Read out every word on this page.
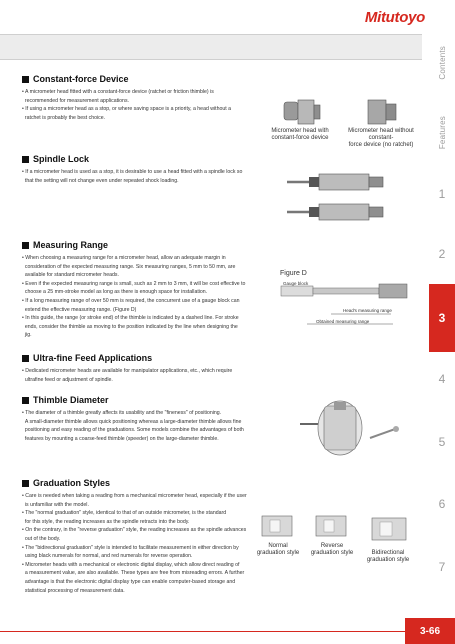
Mitutoyo
Contents
Features
1
2
3
4
5
6
7
Constant-force Device
• A micrometer head fitted with a constant-force device (ratchet or friction thimble) is
recommended for measurement applications.
• If using a micrometer head as a stop, or where saving space is a priority, a head without a
ratchet is probably the best choice.
Micrometer head with
constant-force device
Micrometer head without constant-
force device (no ratchet)
Spindle Lock
• If a micrometer head is used as a stop, it is desirable to use a head fitted with a spindle lock so
that the setting will not change even under repeated shock loading.
Measuring Range
• When choosing a measuring range for a micrometer head, allow an adequate margin in
consideration of the expected measuring range. Six measuring ranges, 5 mm to 50 mm, are
available for standard micrometer heads.
• Even if the expected measuring range is small, such as 2 mm to 3 mm, it will be cost effective to
choose a 25 mm-stroke model as long as there is enough space for installation.
• If a long measuring range of over 50 mm is required, the concurrent use of a gauge block can
extend the effective measuring range. (Figure D)
• In this guide, the range (or stroke end) of the thimble is indicated by a dashed line. For stroke
ends, consider the thimble as moving to the position indicated by the line when designing the
jig.
Figure D
Gauge block
Head's measuring range
Obtained measuring range
Ultra-fine Feed Applications
• Dedicated micrometer heads are available for manipulator applications, etc., which require
ultrafine feed or adjustment of spindle.
Thimble Diameter
• The diameter of a thimble greatly affects its usability and the "fineness" of positioning.
A small-diameter thimble allows quick positioning whereas a large-diameter thimble allows fine
positioning and easy reading of the graduations. Some models combine the advantages of both
features by mounting a coarse-feed thimble (speeder) on the large-diameter thimble.
Graduation Styles
• Care is needed when taking a reading from a mechanical micrometer head, especially if the user
is unfamiliar with the model.
• The "normal graduation" style, identical to that of an outside micrometer, is the standard
for this style, the reading increases as the spindle retracts into the body.
• On the contrary, in the "reverse graduation" style, the reading increases as the spindle advances
out of the body.
• The "bidirectional graduation" style is intended to facilitate measurement in either direction by
using black numerals for normal, and red numerals for reverse operation.
• Micrometer heads with a mechanical or electronic digital display, which allow direct reading of
a measurement value, are also available. These types are free from misreading errors. A further
advantage is that the electronic digital display type can enable computer-based storage and
statistical processing of measurement data.
Normal
graduation style
Reverse
graduation style	Bidirectional
graduation style
3-66
